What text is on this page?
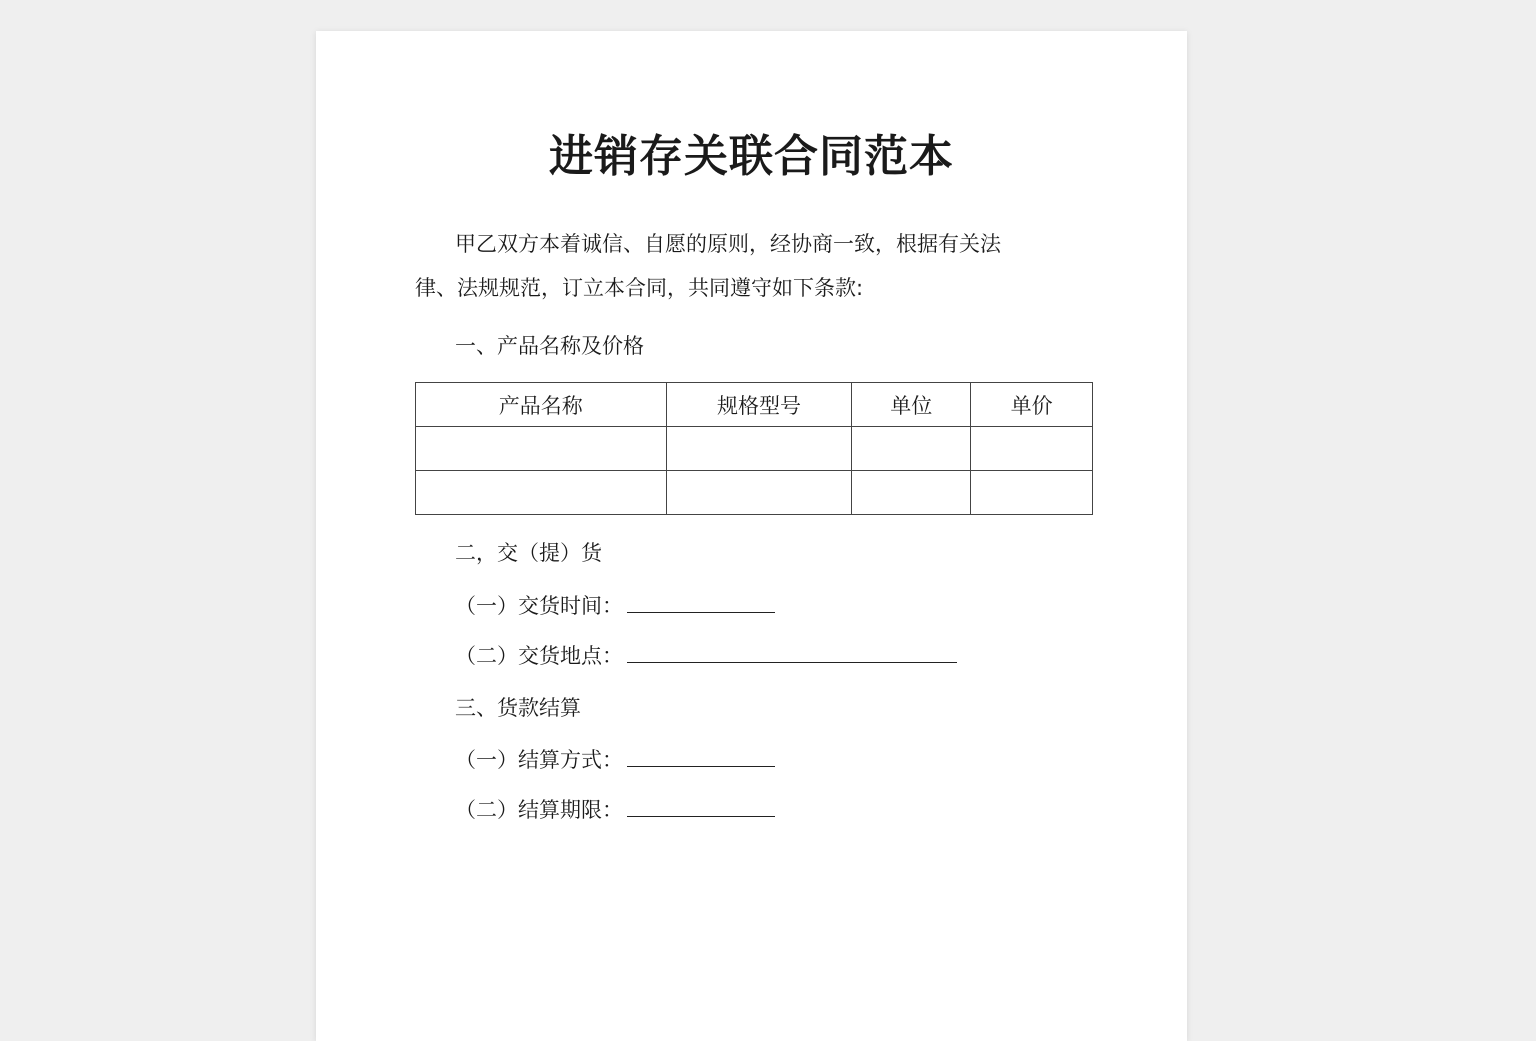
进销存关联合同范本
甲乙双方本着诚信、自愿的原则，经协商一致，根据有关法
律、法规规范，订立本合同，共同遵守如下条款:
一、产品名称及价格
产品名称	规格型号	单位	单价

二，交（提）货
（一）交货时间：
（二）交货地点：
三、货款结算
（一）结算方式：
（二）结算期限：
